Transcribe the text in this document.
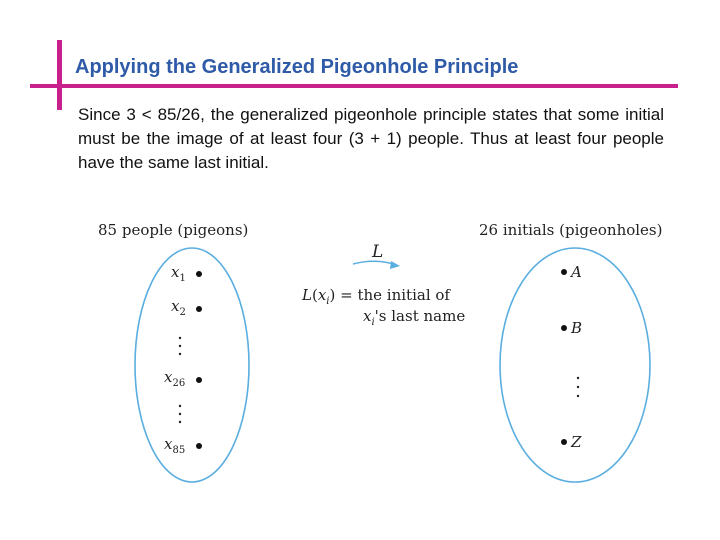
Applying the Generalized Pigeonhole Principle
Since 3 < 85/26, the generalized pigeonhole principle states that some initial must be the image of at least four (3 + 1) people. Thus at least four people have the same last initial.
85 people (pigeons)	26 initials (pigeonholes)
$x_1$
$x_2$
$x_{26}$
$x_{85}$
A
B
Z
L
$L(x_i)$ = the initial of
$x_i's$ last name
